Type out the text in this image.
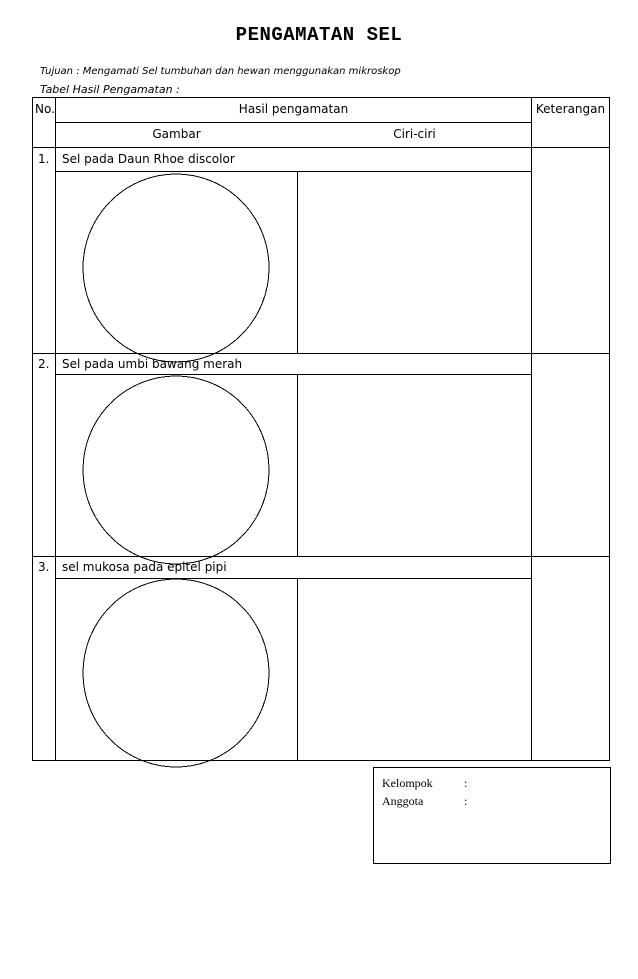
PENGAMATAN SEL
Tujuan : Mengamati Sel tumbuhan dan hewan menggunakan mikroskop
Tabel Hasil Pengamatan :
No.	Hasil pengamatan	Keterangan
Gambar	Ciri-ciri
1. Sel pada Daun Rhoe discolor
2. Sel pada umbi bawang merah
3. sel mukosa pada epitel pipi
Kelompok	:
Anggota	:
